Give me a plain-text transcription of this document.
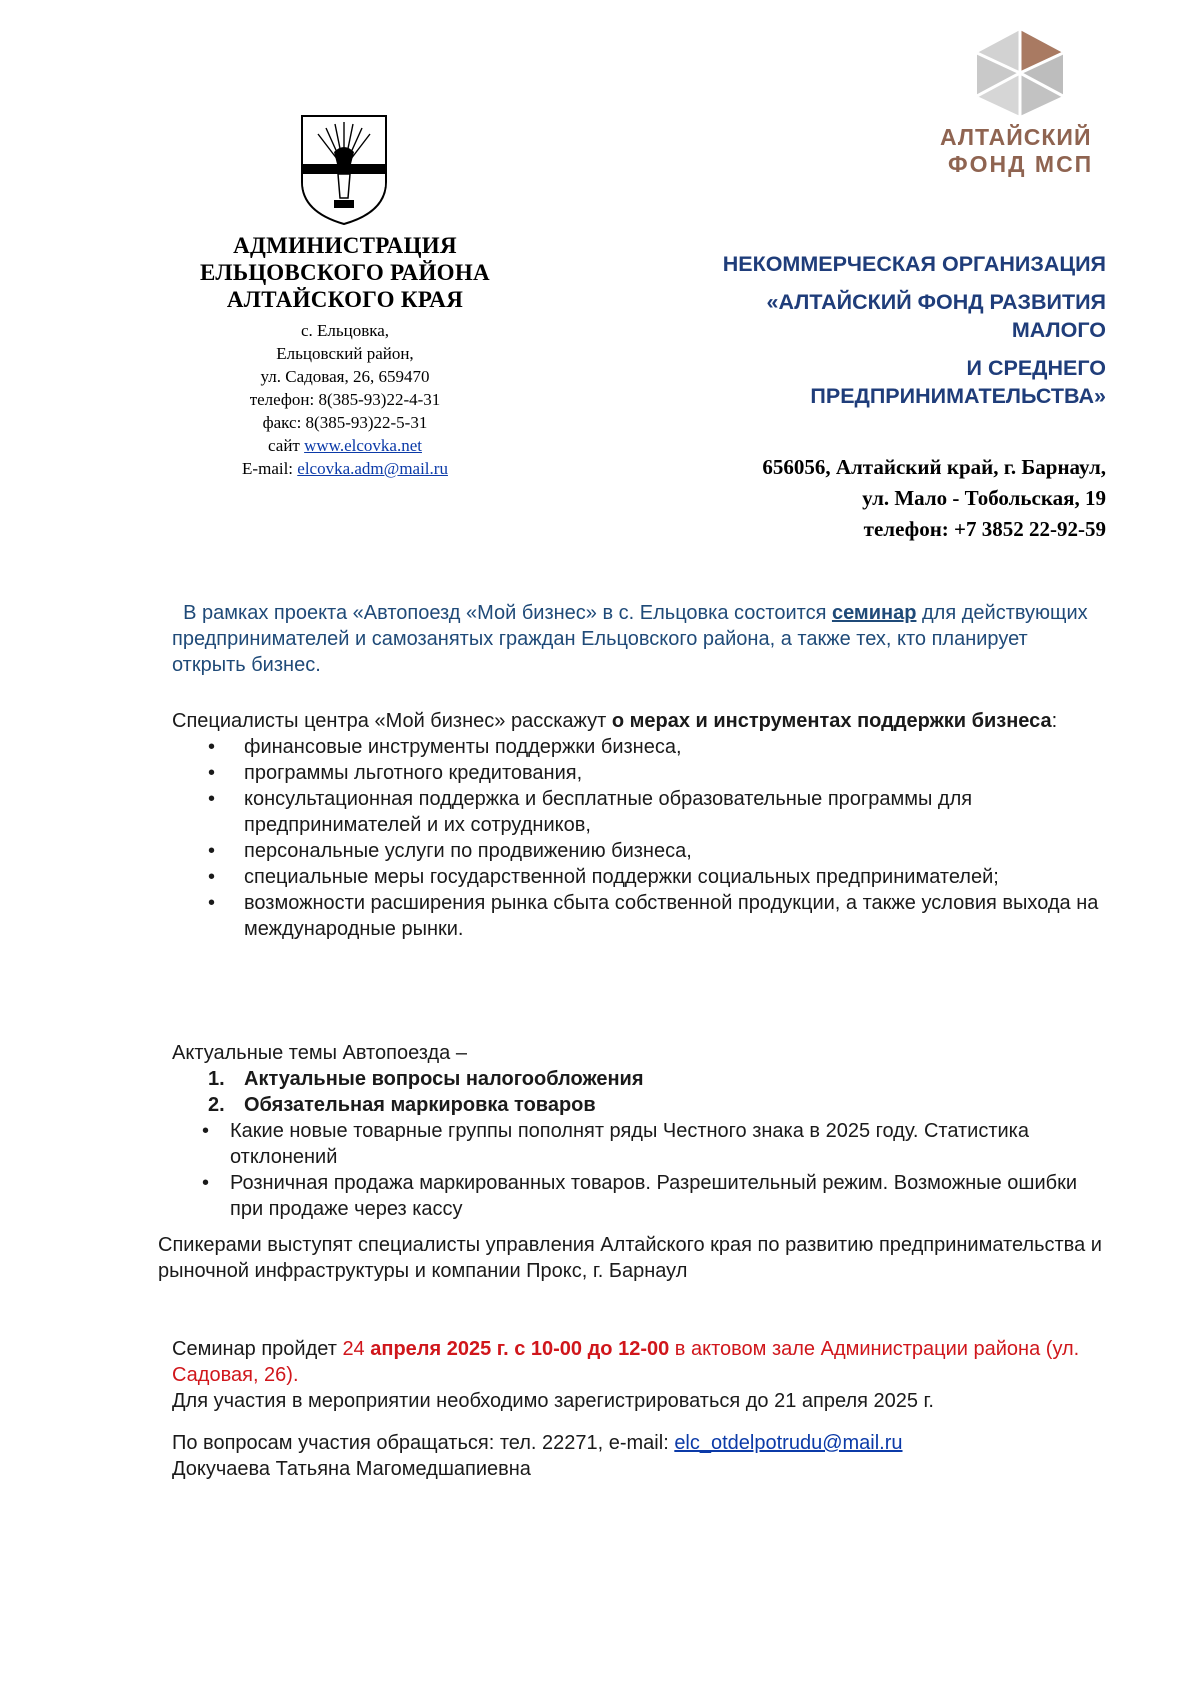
АДМИНИСТРАЦИЯ
ЕЛЬЦОВСКОГО РАЙОНА
АЛТАЙСКОГО КРАЯ
с. Ельцовка,
Ельцовский район,
ул. Садовая, 26, 659470
телефон: 8(385-93)22-4-31
факс: 8(385-93)22-5-31
сайт www.elcovka.net
E-mail: elcovka.adm@mail.ru
АЛТАЙСКИЙ
ФОНД МСП
НЕКОММЕРЧЕСКАЯ ОРГАНИЗАЦИЯ
«АЛТАЙСКИЙ ФОНД РАЗВИТИЯ
МАЛОГО
И СРЕДНЕГО
ПРЕДПРИНИМАТЕЛЬСТВА»
656056, Алтайский край, г. Барнаул,
ул. Мало - Тобольская, 19
телефон: +7 3852 22-92-59
В рамках проекта «Автопоезд «Мой бизнес» в с. Ельцовка состоится семинар для действующих предпринимателей и самозанятых граждан Ельцовского района, а также тех, кто планирует открыть бизнес.
Специалисты центра «Мой бизнес» расскажут о мерах и инструментах поддержки бизнеса:
• финансовые инструменты поддержки бизнеса,
• программы льготного кредитования,
• консультационная поддержка и бесплатные образовательные программы для предпринимателей и их сотрудников,
• персональные услуги по продвижению бизнеса,
• специальные меры государственной поддержки социальных предпринимателей;
• возможности расширения рынка сбыта собственной продукции, а также условия выхода на международные рынки.
Актуальные темы Автопоезда –
1. Актуальные вопросы налогообложения
2. Обязательная маркировка товаров
• Какие новые товарные группы пополнят ряды Честного знака в 2025 году. Статистика отклонений
• Розничная продажа маркированных товаров. Разрешительный режим. Возможные ошибки при продаже через кассу
Спикерами выступят специалисты управления Алтайского края по развитию предпринимательства и рыночной инфраструктуры и компании Прокс, г. Барнаул
Семинар пройдет 24 апреля 2025 г. с 10-00 до 12-00 в актовом зале Администрации района (ул. Садовая, 26).
Для участия в мероприятии необходимо зарегистрироваться до 21 апреля 2025 г.
По вопросам участия обращаться: тел. 22271, e-mail: elc_otdelpotrudu@mail.ru
Докучаева Татьяна Магомедшапиевна
